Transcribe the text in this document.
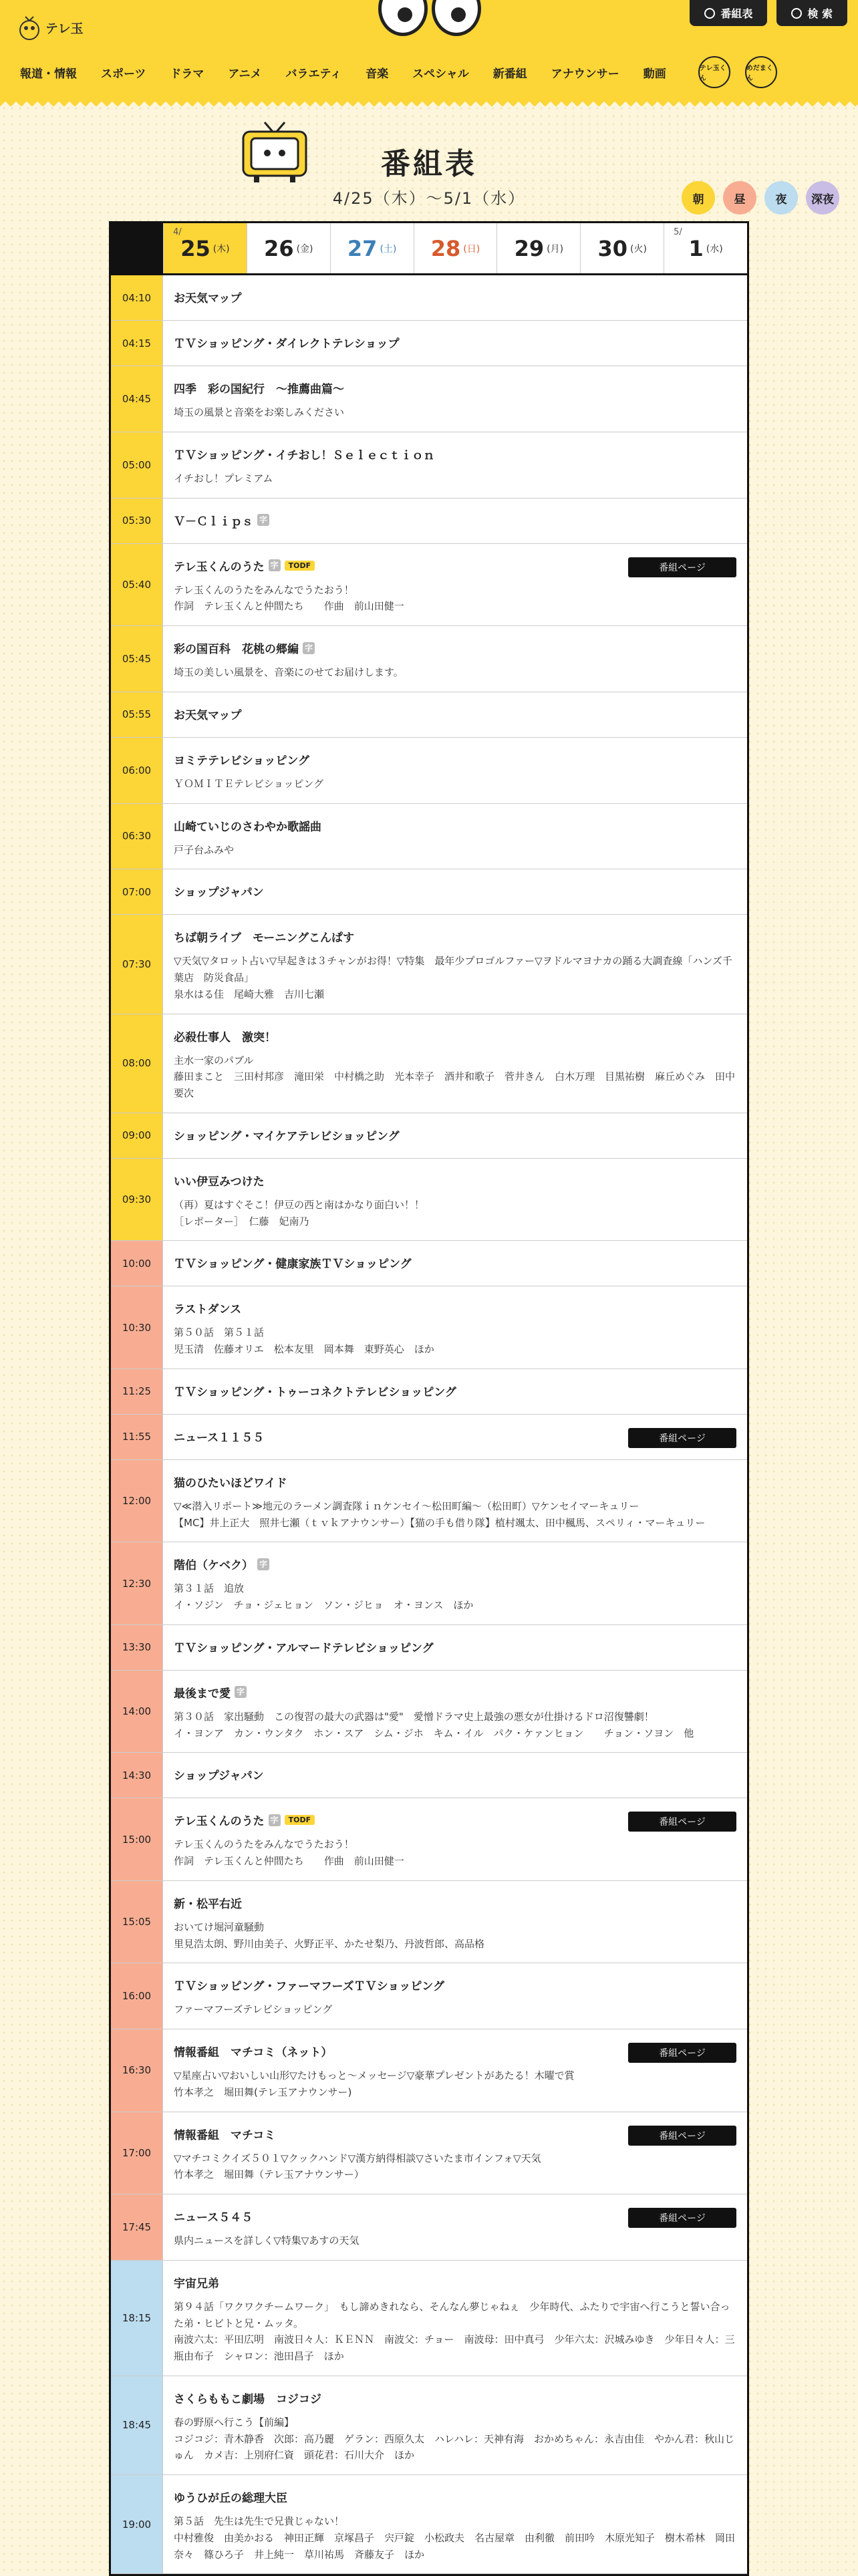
テレ玉
番組表	検 索
報道・情報 スポーツ ドラマ アニメ バラエティ 音楽 スペシャル 新番組 アナウンサー 動画	テレ玉くん
めだまくん
番組表
4/25（木）～5/1（水）	朝	昼	夜	深夜
4/
25 (木) 26 (金) 27 (土) 28 (日) 29 (月) 30 (火)
5/
1 (水)
04:10	お天気マップ
04:15	ＴＶショッピング・ダイレクトテレショップ
04:45
四季　彩の国紀行　～推薦曲篇～
埼玉の風景と音楽をお楽しみください
05:00
ＴＶショッピング・イチおし！Ｓｅｌｅｃｔｉｏｎ
イチおし！プレミアム
05:30	Ｖ－Ｃｌｉｐｓ 字
05:40
テレ玉くんのうた 字	TODF
テレ玉くんのうたをみんなでうたおう！
作詞　テレ玉くんと仲間たち　　作曲　前山田健一
番組ページ
05:45
彩の国百科　花桃の郷編 字
埼玉の美しい風景を、音楽にのせてお届けします。
05:55	お天気マップ
06:00
ヨミテテレビショッピング
ＹＯＭＩＴＥテレビショッピング
06:30
山崎ていじのさわやか歌謡曲
戸子台ふみや
07:00	ショップジャパン
07:30
ちば朝ライブ　モーニングこんぱす
▽天気▽タロット占い▽早起きは３チャンがお得！▽特集　最年少プロゴルファー▽ヲドルマヨナカの踊る大調査線「ハンズ千葉店　防災食品」
泉水はる佳　尾崎大雅　吉川七瀬
08:00
必殺仕事人　激突！
主水一家のパブル
藤田まこと　三田村邦彦　滝田栄　中村橋之助　光本幸子　酒井和歌子　菅井きん　白木万理　目黒祐樹　麻丘めぐみ　田中要次
09:00	ショッピング・マイケアテレビショッピング
09:30
いい伊豆みつけた
（再）夏はすぐそこ！伊豆の西と南はかなり面白い！！
［レポーター］　仁藤　妃南乃
10:00	ＴＶショッピング・健康家族ＴＶショッピング
10:30
ラストダンス
第５０話　第５１話
児玉清　佐藤オリエ　松本友里　岡本舞　東野英心　ほか
11:25	ＴＶショッピング・トゥーコネクトテレビショッピング
11:55	ニュース１１５５	番組ページ
12:00
猫のひたいほどワイド
▽≪潜入リポート≫地元のラーメン調査隊ｉｎケンセイ～松田町編～（松田町）▽ケンセイマーキュリー
【MC】井上正大　照井七瀬（ｔｖｋアナウンサー）【猫の手も借り隊】植村颯太、田中楓馬、スペリィ・マーキュリー
12:30
階伯（ケベク） 字
第３１話　追放
イ・ソジン　チョ・ジェヒョン　ソン・ジヒョ　オ・ヨンス　ほか
13:30	ＴＶショッピング・アルマードテレビショッピング
14:00
最後まで愛 字
第３０話　家出騒動　この復習の最大の武器は"愛"　愛憎ドラマ史上最強の悪女が仕掛けるドロ沼復讐劇！
イ・ヨンア　カン・ウンタク　ホン・スア　シム・ジホ　キム・イル　パク・ケァンヒョン　　チョン・ソヨン　他
14:30	ショップジャパン
15:00
テレ玉くんのうた 字	TODF
テレ玉くんのうたをみんなでうたおう！
作詞　テレ玉くんと仲間たち　　作曲　前山田健一
番組ページ
15:05
新・松平右近
おいてけ堀河童騒動
里見浩太朗、野川由美子、火野正平、かたせ梨乃、丹波哲郎、高品格
16:00
ＴＶショッピング・ファーマフーズＴＶショッピング
ファーマフーズテレビショッピング
16:30
情報番組　マチコミ（ネット）
▽星座占い▽おいしい山形▽たけもっと～メッセージ▽豪華プレゼントがあたる！木曜で賞
竹本孝之　堀田舞(テレ玉アナウンサー)
番組ページ
17:00
情報番組　マチコミ
▽マチコミクイズ５０１▽クックハンド▽漢方納得相談▽さいたま市インフォ▽天気
竹本孝之　堀田舞（テレ玉アナウンサー）
番組ページ
17:45
ニュース５４５
県内ニュースを詳しく▽特集▽あすの天気
番組ページ
18:15
宇宙兄弟
第９４話「ワクワクチームワーク」　もし諦めきれなら、そんなん夢じゃねぇ　少年時代、ふたりで宇宙へ行こうと誓い合った弟・ヒビトと兄・ムッタ。
南波六太：平田広明　南波日々人：ＫＥＮＮ　南波父：チョー　南波母：田中真弓　少年六太：沢城みゆき　少年日々人：三瓶由布子　シャロン：池田昌子　ほか
18:45
さくらももこ劇場　コジコジ
春の野原へ行こう【前編】
コジコジ：青木静香　次郎：高乃麗　ゲラン：西原久太　ハレハレ：天神有海　おかめちゃん：永吉由佳　やかん君：秋山じゅん　カメ吉：上別府仁資　頭花君：石川大介　ほか
19:00
ゆうひが丘の総理大臣
第５話　先生は先生で兄貴じゃない！
中村雅俊　由美かおる　神田正輝　京塚昌子　宍戸錠　小松政夫　名古屋章　由利徹　前田吟　木原光知子　樹木希林　岡田奈々　篠ひろ子　井上純一　草川祐馬　斉藤友子　ほか
